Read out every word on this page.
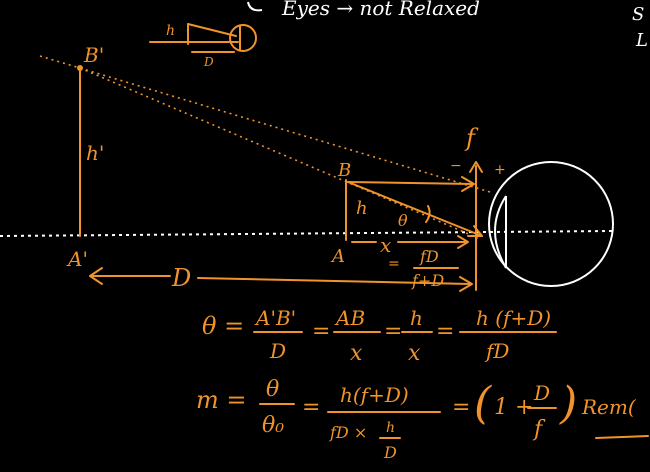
Eyes → not Relaxed	S
L
h
D
B'
h'
A'
D
B
h
A
θ
x
= fD
f+D
f
− +
θ = A'B'
D
=
AB
x
=
h
x
=
h (f+D)
fD
m = θ
θ₀
= h(f+D)
fD × h
D
= ( 1 +
D
f
) Rem(
